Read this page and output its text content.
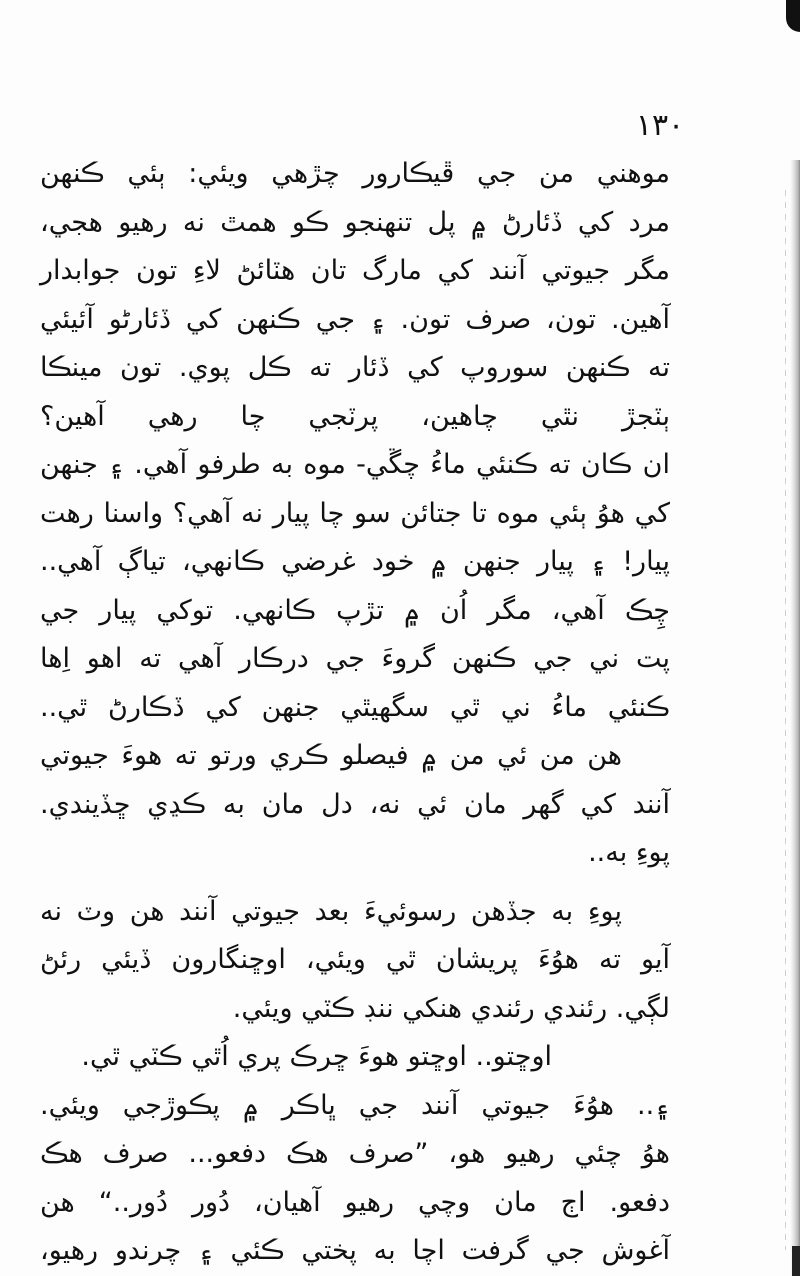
١٣٠
موهني من جي ڦيڪارور چڙهي ويئي: ٻئي ڪنهن
مرد کي ڏئارڻ ۾ پل تنهنجو ڪو همٿ نه رهيو هجي،
مگر جيوتي آنند کي مارگ تان هٽائڻ لاءِ تون جوابدار
آهين. تون، صرف تون. ۽ جي ڪنهن کي ڏئارڻو آئيئي
ته ڪنهن سوروپ کي ڏئار ته ڪل پوي. تون مينڪا
ٻٽجڙ نٿي چاهين، پرٽجي چا رهي آهين؟
ان ڪان ته ڪنئي ماءُ چڱي- موه به طرفو آهي. ۽ جنهن
کي هوُ ٻئي موه تا جتائن سو چا پيار نه آهي؟ واسنا رهت
پيار! ۽ پيار جنهن ۾ خود غرضي ڪانهي، تياڳ آهي..
چِڪ آهي، مگر اُن ۾ تڙپ ڪانهي. توکي پيار جي
پت ني جي ڪنهن گروءَ جي درڪار آهي ته اهو اِها
ڪنئي ماءُ ني ٿي سگهيٿي جنهن کي ڏڪارڻ ٿي..
هن من ئي من ۾ فيصلو ڪري ورتو ته هوءَ جيوتي
آنند کي گهر مان ئي نه، دل مان به ڪڍي ڇڏيندي.
پوءِ به..
پوءِ به جڏهن رسوئيءَ بعد جيوتي آنند هن وٽ نه
آيو ته هوُءَ پريشان ٿي ويئي، اوڇنگارون ڏيئي رئڻ
لڳي. رئندي رئندي هنکي ننڊ ڪٽي ويئي.
اوڇتو.. اوڇتو هوءَ ڇرڪ پري اُٿي ڪٽي ٿي.
۽.. هوُءَ جيوتي آنند جي ڀاڪر ۾ پڪوڙجي ويئي.
هوُ چئي رهيو هو، ”صرف هڪ دفعو... صرف هڪ
دفعو. اڄ مان وچي رهيو آهيان، دُور دُور..“ هن
آغوش جي گرفت اچا به پختي ڪئي ۽ چرندو رهيو،
